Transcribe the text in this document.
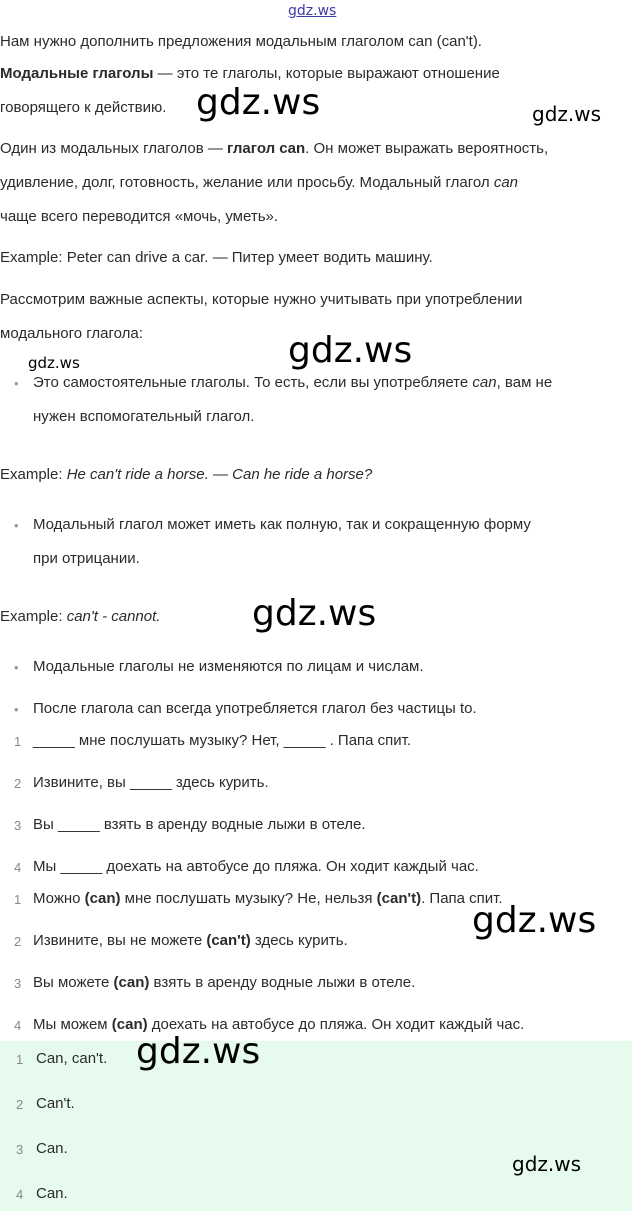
gdz.ws
Нам нужно дополнить предложения модальным глаголом can (can't).
Модальные глаголы — это те глаголы, которые выражают отношение
говорящего к действию.
Один из модальных глаголов — глагол can. Он может выражать вероятность,
удивление, долг, готовность, желание или просьбу. Модальный глагол can
чаще всего переводится «мочь, уметь».
Example: Peter can drive a car. — Питер умеет водить машину.
Рассмотрим важные аспекты, которые нужно учитывать при употреблении
модального глагола:
• Это самостоятельные глаголы. То есть, если вы употребляете can, вам не
нужен вспомогательный глагол.
Example: He can't ride a horse. — Can he ride a horse?
• Модальный глагол может иметь как полную, так и сокращенную форму
при отрицании.
Example: can't - cannot.
• Модальные глаголы не изменяются по лицам и числам.
• После глагола can всегда употребляется глагол без частицы to.
1 _____ мне послушать музыку? Нет, _____ . Папа спит.
2 Извините, вы _____ здесь курить.
3 Вы _____ взять в аренду водные лыжи в отеле.
4 Мы _____ доехать на автобусе до пляжа. Он ходит каждый час.
1 Можно (can) мне послушать музыку? Не, нельзя (can't). Папа спит.
2 Извините, вы не можете (can't) здесь курить.
3 Вы можете (can) взять в аренду водные лыжи в отеле.
4 Мы можем (can) доехать на автобусе до пляжа. Он ходит каждый час.
1 Can, can't.
2 Can't.
3 Can.
4 Can.
gdz.ws	gdz.ws
gdz.ws	gdz.ws
gdz.ws
gdz.ws
gdz.ws
gdz.ws
